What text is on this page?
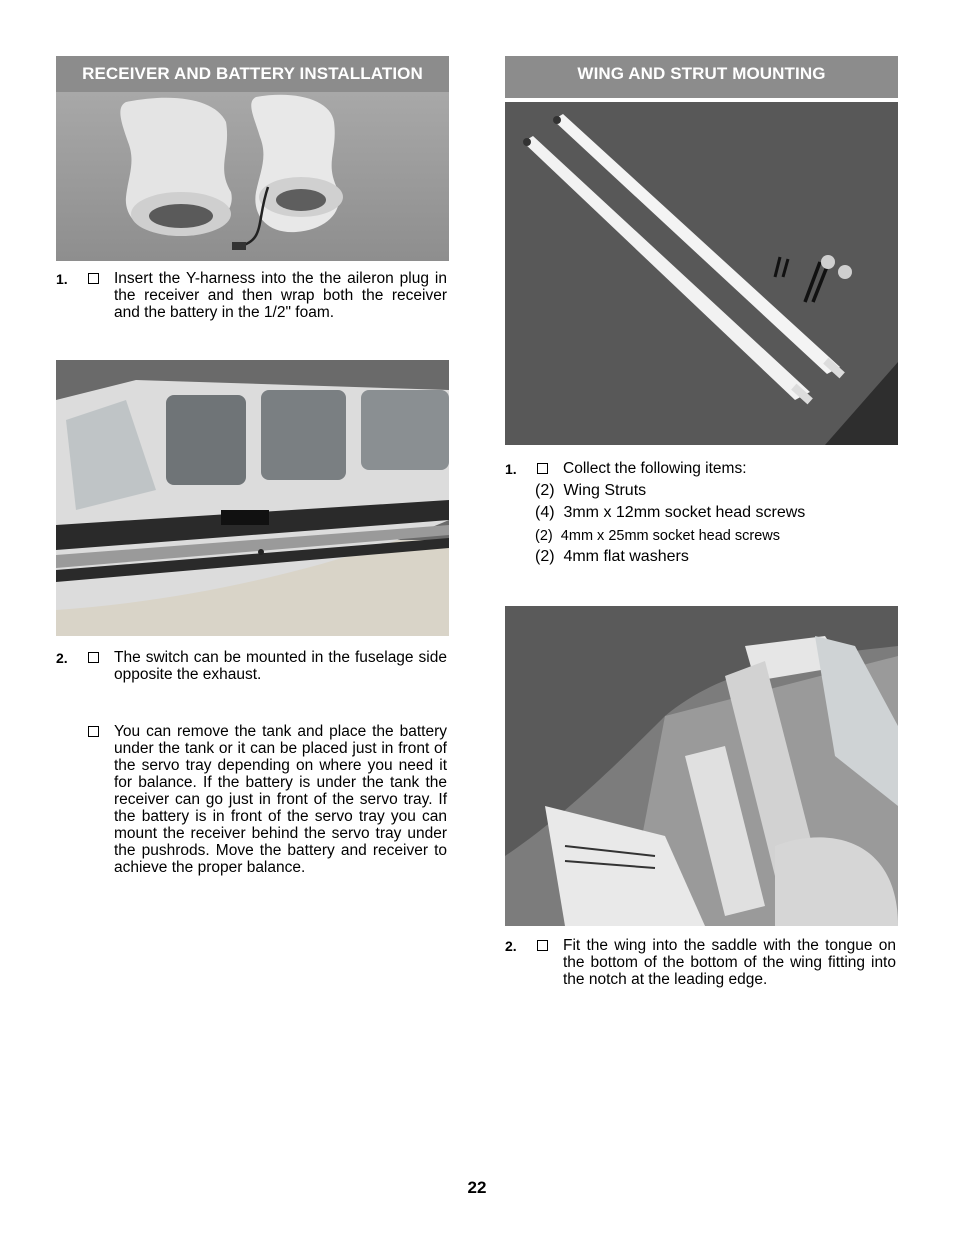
RECEIVER AND BATTERY INSTALLATION
1.	Insert the Y-harness into the the aileron plug in the receiver and then wrap both the receiver and the battery in the 1/2" foam.
2.	The switch can be mounted in the fuselage side opposite the exhaust.
You can remove the tank and place the battery under the tank or it can be placed just in front of the servo tray depending on where you need it for balance. If the battery is under the tank the receiver can go just in front of the servo tray. If the battery is in front of the servo tray you can mount the receiver behind the servo tray under the pushrods. Move the battery and receiver to achieve the proper balance.
WING AND STRUT MOUNTING
1.	Collect the following items:
(2) Wing Struts
(4) 3mm x 12mm socket head screws
(2) 4mm x 25mm socket head screws
(2) 4mm flat washers
2.	Fit the wing into the saddle with the tongue on the bottom of the bottom of the wing fitting into the notch at the leading edge.
22
